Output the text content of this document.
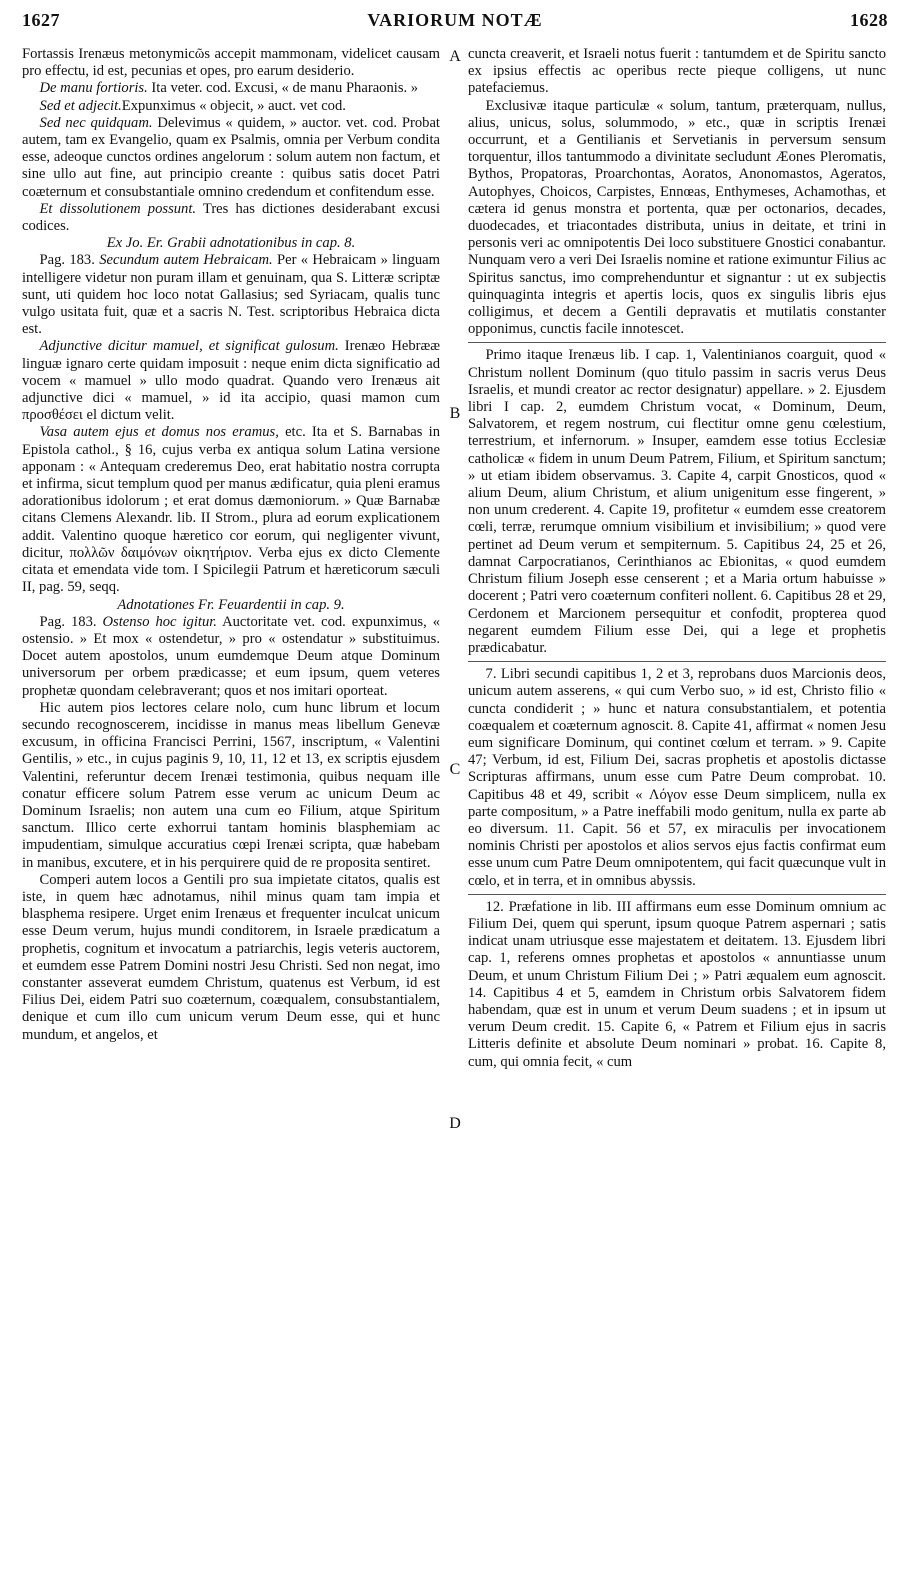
1627	VARIORUM NOTÆ	1628
A
B
C
D

Fortassis Irenæus metonymicῶs accepit mammonam, videlicet causam pro effectu, id est, pecunias et opes, pro earum desiderio.

De manu fortioris. Ita veter. cod. Excusi, « de manu Pharaonis. »

Sed et adjecit.Expunximus « objecit, » auct. vet cod.

Sed nec quidquam. Delevimus « quidem, » auctor. vet. cod. Probat autem, tam ex Evangelio, quam ex Psalmis, omnia per Verbum condita esse, adeoque cunctos ordines angelorum : solum autem non factum, et sine ullo aut fine, aut principio creante : quibus satis docet Patri coæternum et consubstantiale omnino credendum et confitendum esse.

Et dissolutionem possunt. Tres has dictiones desiderabant excusi codices.

Ex Jo. Er. Grabii adnotationibus in cap. 8.

Pag. 183. Secundum autem Hebraicam. Per « Hebraicam » linguam intelligere videtur non puram illam et genuinam, qua S. Litteræ scriptæ sunt, uti quidem hoc loco notat Gallasius; sed Syriacam, qualis tunc vulgo usitata fuit, quæ et a sacris N. Test. scriptoribus Hebraica dicta est.

Adjunctive dicitur mamuel, et significat gulosum. Irenæo Hebrææ linguæ ignaro certe quidam imposuit : neque enim dicta significatio ad vocem « mamuel » ullo modo quadrat. Quando vero Irenæus ait adjunctive dici « mamuel, » id ita accipio, quasi mamon cum προσθέσει el dictum velit.

Vasa autem ejus et domus nos eramus, etc. Ita et S. Barnabas in Epistola cathol., § 16, cujus verba ex antiqua solum Latina versione apponam : « Antequam crederemus Deo, erat habitatio nostra corrupta et infirma, sicut templum quod per manus ædificatur, quia pleni eramus adorationibus idolorum ; et erat domus dæmoniorum. » Quæ Barnabæ citans Clemens Alexandr. lib. II Strom., plura ad eorum explicationem addit. Valentino quoque hæretico cor eorum, qui negligenter vivunt, dicitur, πολλῶν δαιμόνων οἰκητήριον. Verba ejus ex dicto Clemente citata et emendata vide tom. I Spicilegii Patrum et hæreticorum sæculi II, pag. 59, seqq.

Adnotationes Fr. Feuardentii in cap. 9.

Pag. 183. Ostenso hoc igitur. Auctoritate vet. cod. expunximus, « ostensio. » Et mox « ostendetur, » pro « ostendatur » substituimus. Docet autem apostolos, unum eumdemque Deum atque Dominum universorum per orbem prædicasse; et eum ipsum, quem veteres prophetæ quondam celebraverant; quos et nos imitari oporteat.

Hic autem pios lectores celare nolo, cum hunc librum et locum secundo recognoscerem, incidisse in manus meas libellum Genevæ excusum, in officina Francisci Perrini, 1567, inscriptum, « Valentini Gentilis, » etc., in cujus paginis 9, 10, 11, 12 et 13, ex scriptis ejusdem Valentini, referuntur decem Irenæi testimonia, quibus nequam ille conatur efficere solum Patrem esse verum ac unicum Deum ac Dominum Israelis; non autem una cum eo Filium, atque Spiritum sanctum. Illico certe exhorrui tantam hominis blasphemiam ac impudentiam, simulque accuratius cœpi Irenæi scripta, quæ habebam in manibus, excutere, et in his perquirere quid de re proposita sentiret.

Comperi autem locos a Gentili pro sua impietate citatos, qualis est iste, in quem hæc adnotamus, nihil minus quam tam impia et blasphema resipere. Urget enim Irenæus et frequenter inculcat unicum esse Deum verum, hujus mundi conditorem, in Israele prædicatum a prophetis, cognitum et invocatum a patriarchis, legis veteris auctorem, et eumdem esse Patrem Domini nostri Jesu Christi. Sed non negat, imo constanter asseverat eumdem Christum, quatenus est Verbum, id est Filius Dei, eidem Patri suo coæternum, coæqualem, consubstantialem, denique et cum illo cum unicum verum Deum esse, qui et hunc mundum, et angelos, et

cuncta creaverit, et Israeli notus fuerit : tantumdem et de Spiritu sancto ex ipsius effectis ac operibus recte pieque colligens, ut nunc patefaciemus.

Exclusivæ itaque particulæ « solum, tantum, præterquam, nullus, alius, unicus, solus, solummodo, » etc., quæ in scriptis Irenæi occurrunt, et a Gentilianis et Servetianis in perversum sensum torquentur, illos tantummodo a divinitate secludunt Æones Pleromatis, Bythos, Propatoras, Proarchontas, Aoratos, Anonomastos, Ageratos, Autophyes, Choicos, Carpistes, Ennœas, Enthymeses, Achamothas, et cætera id genus monstra et portenta, quæ per octonarios, decades, duodecades, et triacontades distributa, unius in deitate, et trini in personis veri ac omnipotentis Dei loco substituere Gnostici conabantur. Nunquam vero a veri Dei Israelis nomine et ratione eximuntur Filius ac Spiritus sanctus, imo comprehenduntur et signantur : ut ex subjectis quinquaginta integris et apertis locis, quos ex singulis libris ejus colligimus, et decem a Gentili depravatis et mutilatis constanter opponimus, cunctis facile innotescet.

Primo itaque Irenæus lib. I cap. 1, Valentinianos coarguit, quod « Christum nollent Dominum (quo titulo passim in sacris verus Deus Israelis, et mundi creator ac rector designatur) appellare. » 2. Ejusdem libri I cap. 2, eumdem Christum vocat, « Dominum, Deum, Salvatorem, et regem nostrum, cui flectitur omne genu cœlestium, terrestrium, et infernorum. » Insuper, eamdem esse totius Ecclesiæ catholicæ « fidem in unum Deum Patrem, Filium, et Spiritum sanctum; » ut etiam ibidem observamus. 3. Capite 4, carpit Gnosticos, quod « alium Deum, alium Christum, et alium unigenitum esse fingerent, » non unum crederent. 4. Capite 19, profitetur « eumdem esse creatorem cœli, terræ, rerumque omnium visibilium et invisibilium; » quod vere pertinet ad Deum verum et sempiternum. 5. Capitibus 24, 25 et 26, damnat Carpocratianos, Cerinthianos ac Ebionitas, « quod eumdem Christum filium Joseph esse censerent ; et a Maria ortum habuisse » docerent ; Patri vero coæternum confiteri nollent. 6. Capitibus 28 et 29, Cerdonem et Marcionem persequitur et confodit, propterea quod negarent eumdem Filium esse Dei, qui a lege et prophetis prædicabatur.

7. Libri secundi capitibus 1, 2 et 3, reprobans duos Marcionis deos, unicum autem asserens, « qui cum Verbo suo, » id est, Christo filio « cuncta condiderit ; » hunc et natura consubstantialem, et potentia coæqualem et coæternum agnoscit. 8. Capite 41, affirmat « nomen Jesu eum significare Dominum, qui continet cœlum et terram. » 9. Capite 47; Verbum, id est, Filium Dei, sacras prophetis et apostolis dictasse Scripturas affirmans, unum esse cum Patre Deum comprobat. 10. Capitibus 48 et 49, scribit « Λόγον esse Deum simplicem, nulla ex parte compositum, » a Patre ineffabili modo genitum, nulla ex parte ab eo diversum. 11. Capit. 56 et 57, ex miraculis per invocationem nominis Christi per apostolos et alios servos ejus factis confirmat eum esse unum cum Patre Deum omnipotentem, qui facit quæcunque vult in cœlo, et in terra, et in omnibus abyssis.

12. Præfatione in lib. III affirmans eum esse Dominum omnium ac Filium Dei, quem qui sperunt, ipsum quoque Patrem aspernari ; satis indicat unam utriusque esse majestatem et deitatem. 13. Ejusdem libri cap. 1, referens omnes prophetas et apostolos « annuntiasse unum Deum, et unum Christum Filium Dei ; » Patri æqualem eum agnoscit. 14. Capitibus 4 et 5, eamdem in Christum orbis Salvatorem fidem habendam, quæ est in unum et verum Deum suadens ; et in ipsum ut verum Deum credit. 15. Capite 6, « Patrem et Filium ejus in sacris Litteris definite et absolute Deum nominari » probat. 16. Capite 8, cum, qui omnia fecit, « cum
